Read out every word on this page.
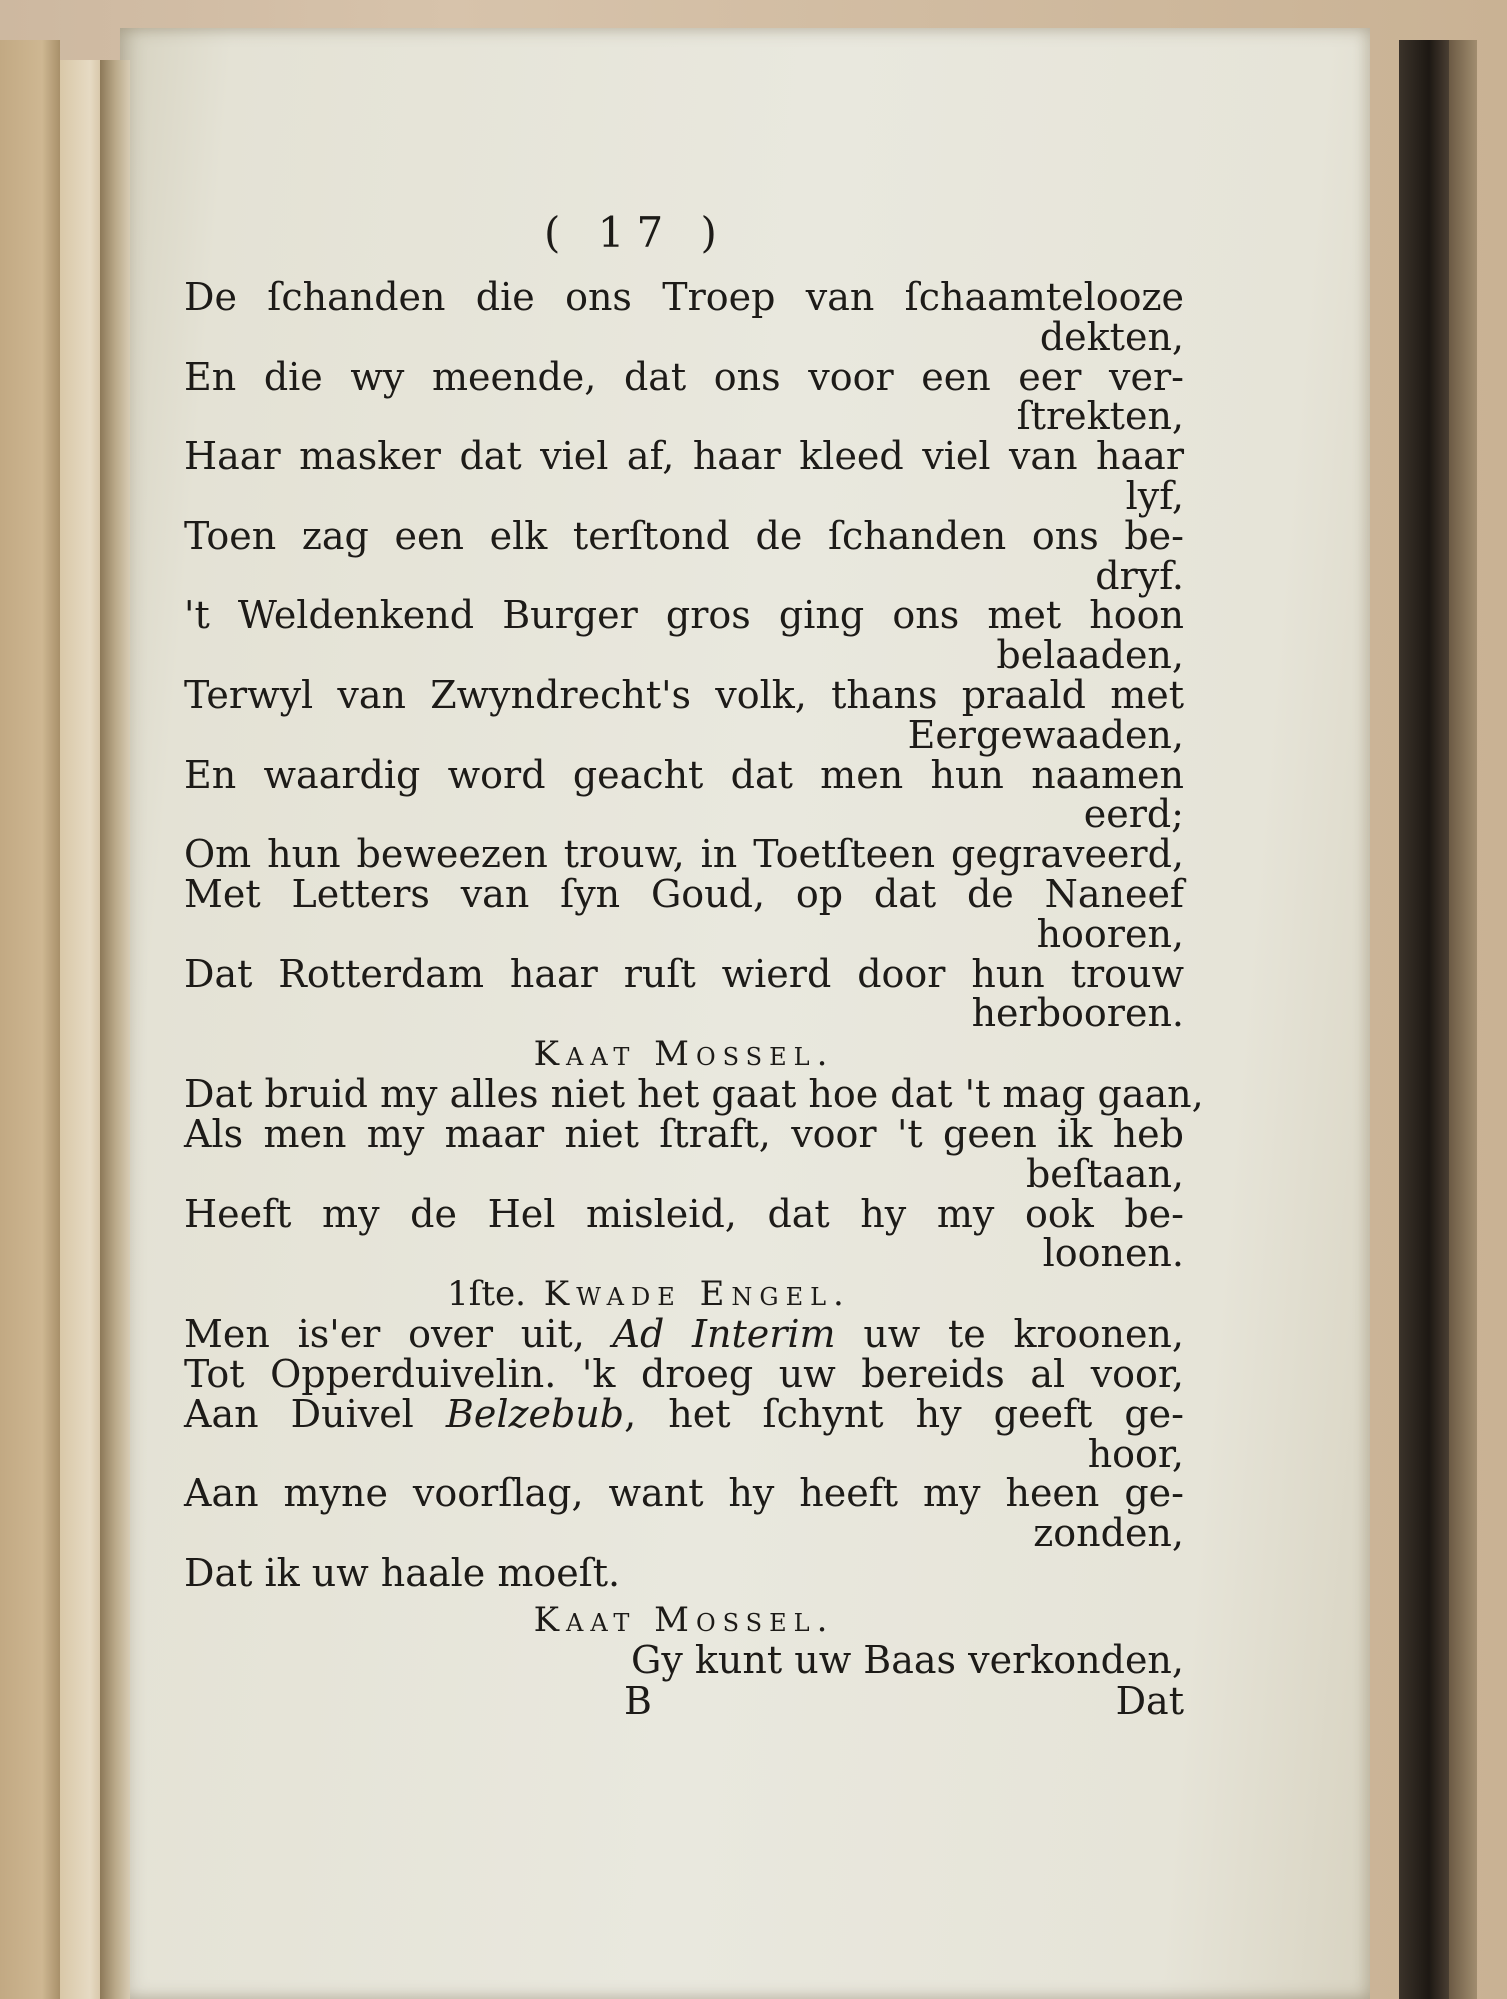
( 17 )
De ſchanden die ons Troep van ſchaamtelooze
dekten,
En die wy meende, dat ons voor een eer ver-
ſtrekten,
Haar masker dat viel af, haar kleed viel van haar
lyf,
Toen zag een elk terſtond de ſchanden ons be-
dryf.
't Weldenkend Burger gros ging ons met hoon
belaaden,
Terwyl van Zwyndrecht's volk, thans praald met
Eergewaaden,
En waardig word geacht dat men hun naamen
eerd;
Om hun beweezen trouw, in Toetſteen gegraveerd,
Met Letters van ſyn Goud, op dat de Naneef
hooren,
Dat Rotterdam haar ruſt wierd door hun trouw
herbooren.
Kaat Mossel.
Dat bruid my alles niet het gaat hoe dat 't mag gaan,
Als men my maar niet ſtraft, voor 't geen ik heb
beſtaan,
Heeft my de Hel misleid, dat hy my ook be-
loonen.
1ſte. Kwade Engel.
Men is'er over uit, Ad Interim uw te kroonen,
Tot Opperduivelin. 'k droeg uw bereids al voor,
Aan Duivel Belzebub, het ſchynt hy geeft ge-
hoor,
Aan myne voorſlag, want hy heeft my heen ge-
zonden,
Dat ik uw haale moeſt.
Kaat Mossel.
Gy kunt uw Baas verkonden,
B	Dat
